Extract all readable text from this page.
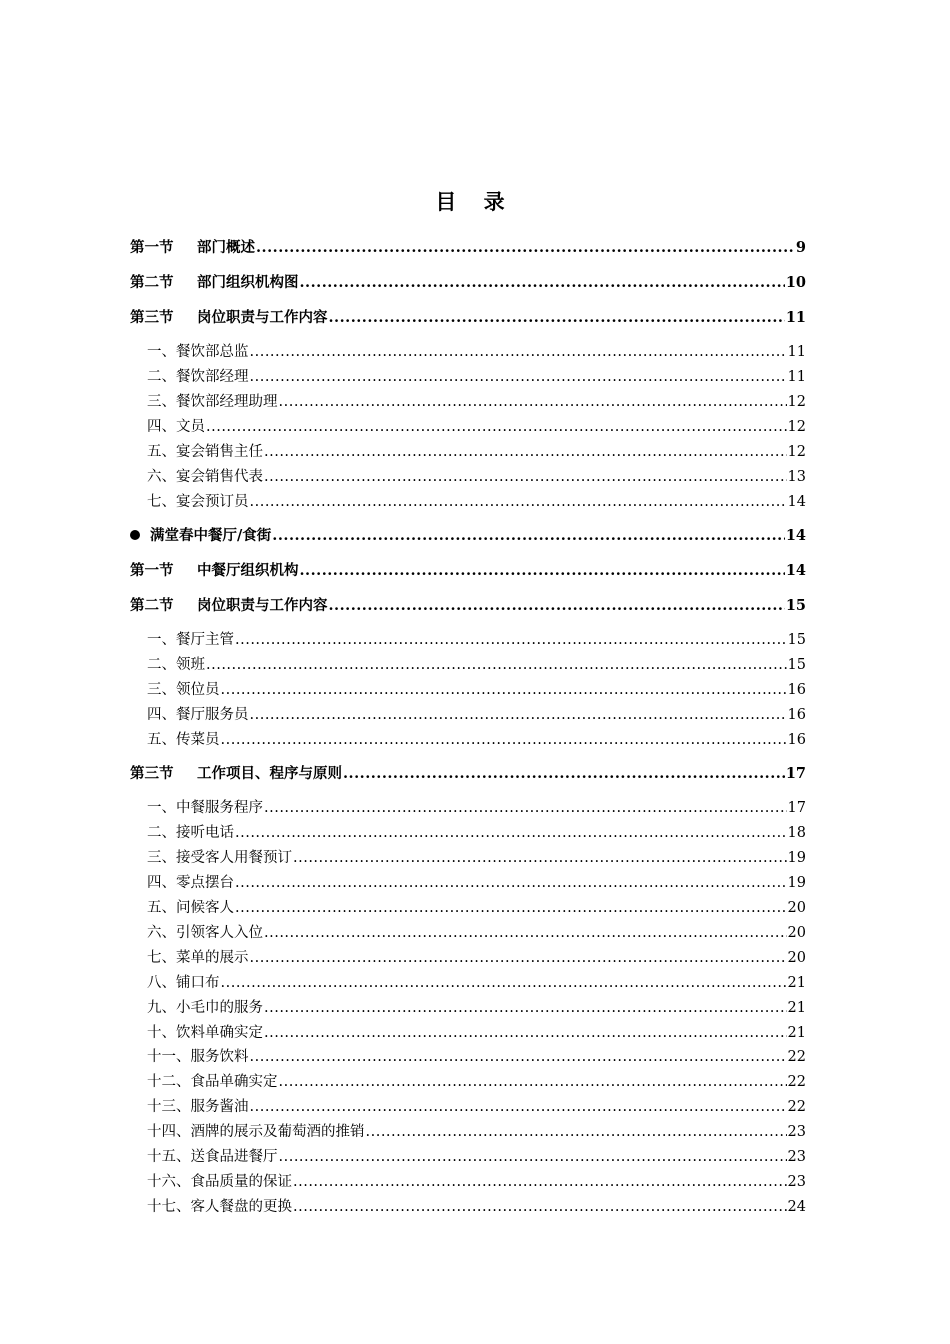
目 录
第一节 部门概述 .....	9
第二节 部门组织机构图 .....	10
第三节 岗位职责与工作内容 .....	11
一、餐饮部总监 .....	11
二、餐饮部经理 .....	11
三、餐饮部经理助理 .....	12
四、文员 .....	12
五、宴会销售主任 .....	12
六、宴会销售代表 .....	13
七、宴会预订员 .....	14
满堂春中餐厅/食街 .....	14
第一节 中餐厅组织机构 .....	14
第二节 岗位职责与工作内容 .....	15
一、餐厅主管 .....	15
二、领班 .....	15
三、领位员 .....	16
四、餐厅服务员 .....	16
五、传菜员 .....	16
第三节 工作项目、程序与原则 .....	17
一、中餐服务程序 .....	17
二、接听电话 .....	18
三、接受客人用餐预订 .....	19
四、零点摆台 .....	19
五、问候客人 .....	20
六、引领客人入位 .....	20
七、菜单的展示 .....	20
八、铺口布 .....	21
九、小毛巾的服务 .....	21
十、饮料单确实定 .....	21
十一、服务饮料 .....	22
十二、食品单确实定 .....	22
十三、服务酱油 .....	22
十四、酒牌的展示及葡萄酒的推销 .....	23
十五、送食品进餐厅 .....	23
十六、食品质量的保证 .....	23
十七、客人餐盘的更换 .....	24
